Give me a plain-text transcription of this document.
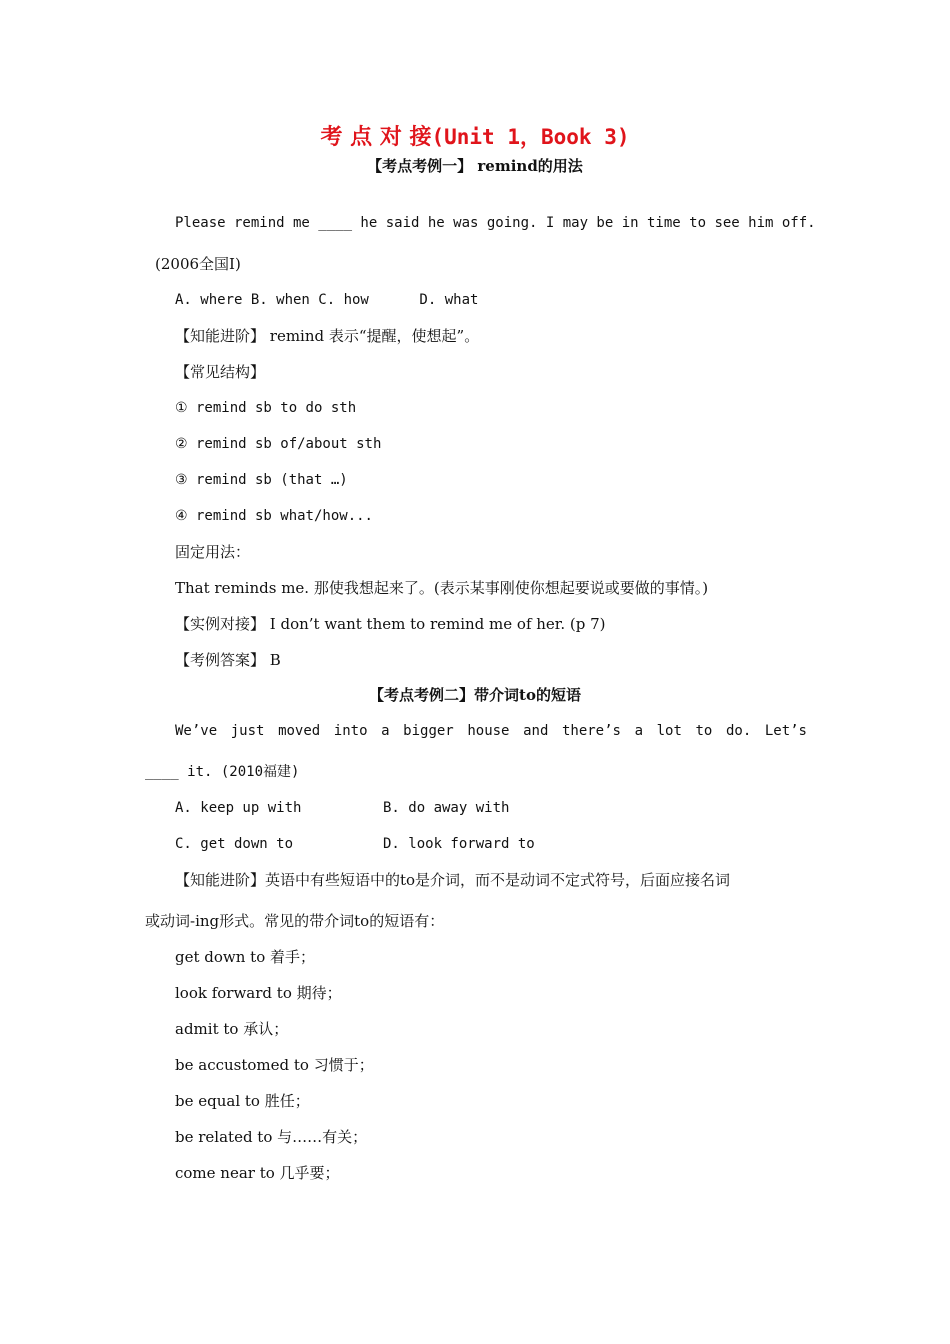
考 点 对 接(Unit 1，Book 3)
【考点考例一】 remind的用法
Please remind me ____ he said he was going. I may be in time to see him off.
(2006全国I)
A. where B. when C. how      D. what
【知能进阶】 remind 表示“提醒，使想起”。
【常见结构】
① remind sb to do sth
② remind sb of/about sth
③ remind sb (that …)
④ remind sb what/how...
固定用法：
That reminds me. 那使我想起来了。(表示某事刚使你想起要说或要做的事情。)
【实例对接】 I don’t want them to remind me of her. (p 7)
【考例答案】 B
【考点考例二】带介词to的短语
We’ve just moved into a bigger house and there’s a lot to do. Let’s
____ it. (2010福建)
A. keep up with	B. do away with
C. get down to	D. look forward to
【知能进阶】英语中有些短语中的to是介词，而不是动词不定式符号，后面应接名词
或动词-ing形式。常见的带介词to的短语有：
get down to 着手；
look forward to 期待；
admit to 承认；
be accustomed to 习惯于；
be equal to 胜任；
be related to 与……有关；
come near to 几乎要；
